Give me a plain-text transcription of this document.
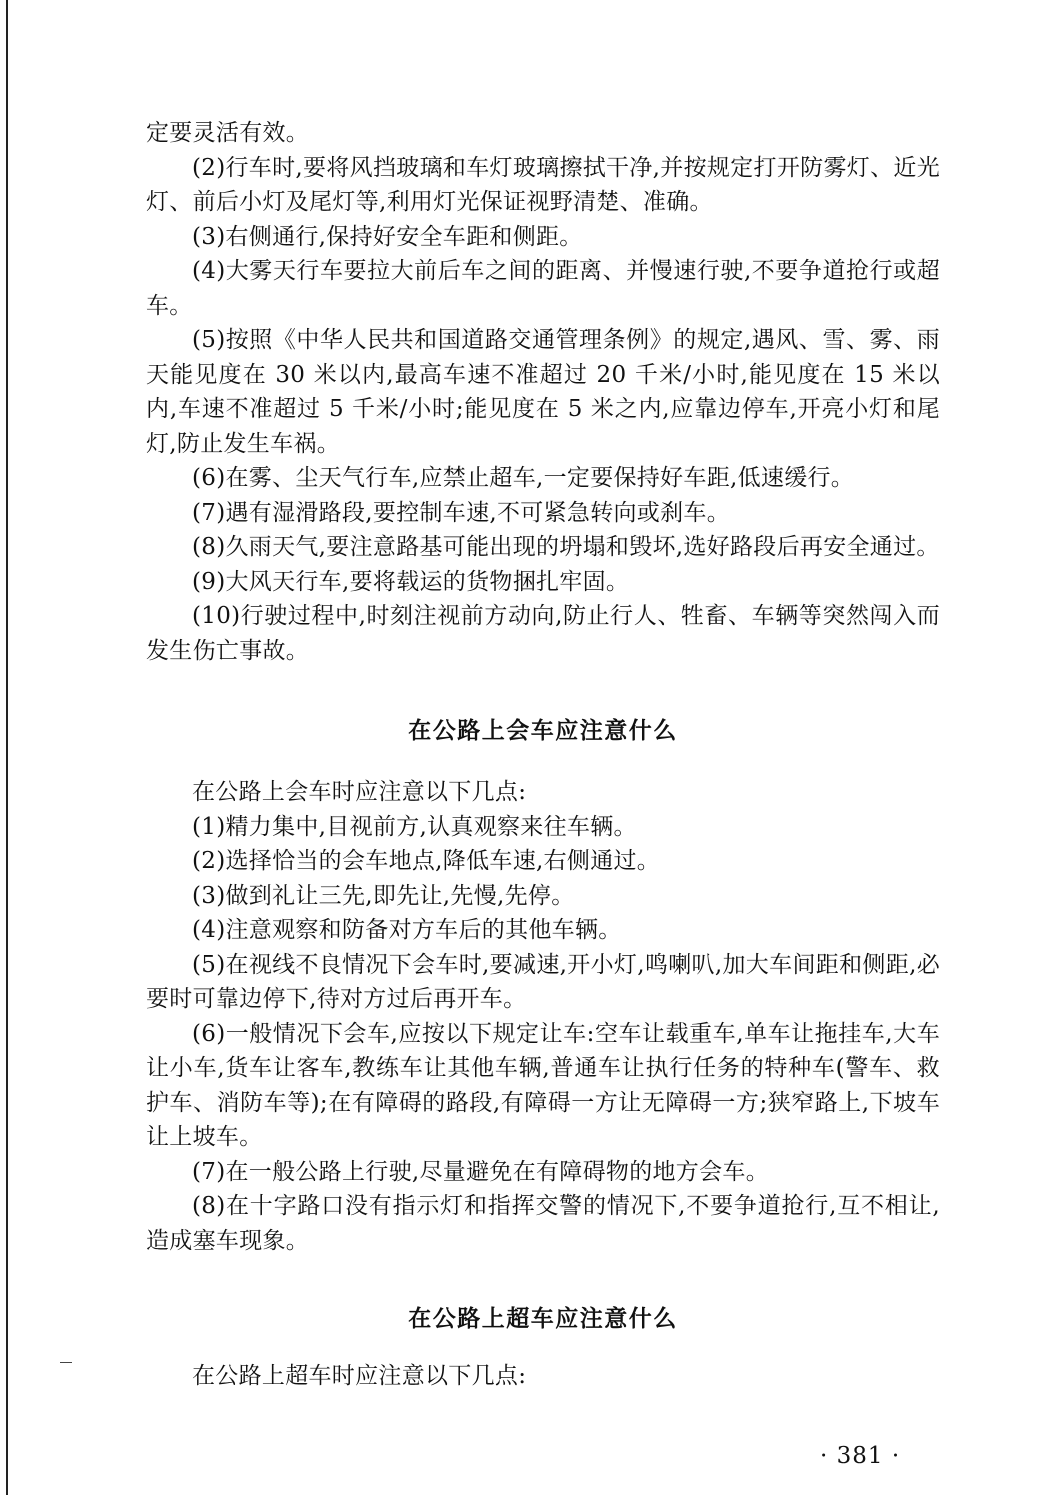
定要灵活有效。

(2)行车时,要将风挡玻璃和车灯玻璃擦拭干净,并按规定打开防雾灯、近光灯、前后小灯及尾灯等,利用灯光保证视野清楚、准确。

(3)右侧通行,保持好安全车距和侧距。

(4)大雾天行车要拉大前后车之间的距离、并慢速行驶,不要争道抢行或超车。

(5)按照《中华人民共和国道路交通管理条例》的规定,遇风、雪、雾、雨天能见度在 30 米以内,最高车速不准超过 20 千米/小时,能见度在 15 米以内,车速不准超过 5 千米/小时;能见度在 5 米之内,应靠边停车,开亮小灯和尾灯,防止发生车祸。

(6)在雾、尘天气行车,应禁止超车,一定要保持好车距,低速缓行。

(7)遇有湿滑路段,要控制车速,不可紧急转向或刹车。

(8)久雨天气,要注意路基可能出现的坍塌和毁坏,选好路段后再安全通过。

(9)大风天行车,要将载运的货物捆扎牢固。

(10)行驶过程中,时刻注视前方动向,防止行人、牲畜、车辆等突然闯入而发生伤亡事故。

在公路上会车应注意什么

在公路上会车时应注意以下几点:

(1)精力集中,目视前方,认真观察来往车辆。

(2)选择恰当的会车地点,降低车速,右侧通过。

(3)做到礼让三先,即先让,先慢,先停。

(4)注意观察和防备对方车后的其他车辆。

(5)在视线不良情况下会车时,要减速,开小灯,鸣喇叭,加大车间距和侧距,必要时可靠边停下,待对方过后再开车。

(6)一般情况下会车,应按以下规定让车:空车让载重车,单车让拖挂车,大车让小车,货车让客车,教练车让其他车辆,普通车让执行任务的特种车(警车、救护车、消防车等);在有障碍的路段,有障碍一方让无障碍一方;狭窄路上,下坡车让上坡车。

(7)在一般公路上行驶,尽量避免在有障碍物的地方会车。

(8)在十字路口没有指示灯和指挥交警的情况下,不要争道抢行,互不相让,造成塞车现象。

在公路上超车应注意什么

在公路上超车时应注意以下几点:

· 381 ·
